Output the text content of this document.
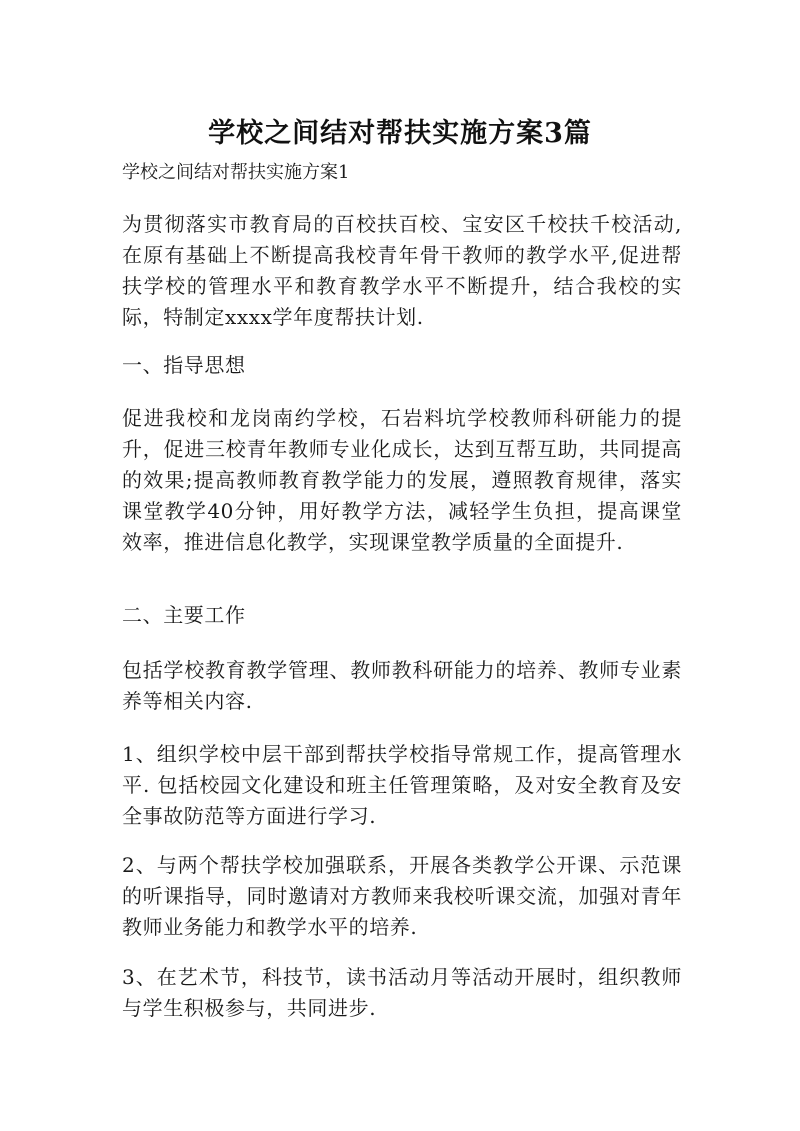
学校之间结对帮扶实施方案3篇

学校之间结对帮扶实施方案1

为贯彻落实市教育局的百校扶百校、宝安区千校扶千校活动,在原有基础上不断提高我校青年骨干教师的教学水平,促进帮扶学校的管理水平和教育教学水平不断提升，结合我校的实际，特制定xxxx学年度帮扶计划.

一、指导思想

促进我校和龙岗南约学校，石岩料坑学校教师科研能力的提升，促进三校青年教师专业化成长，达到互帮互助，共同提高的效果;提高教师教育教学能力的发展，遵照教育规律，落实课堂教学40分钟，用好教学方法，减轻学生负担，提高课堂效率，推进信息化教学，实现课堂教学质量的全面提升.

二、主要工作

包括学校教育教学管理、教师教科研能力的培养、教师专业素养等相关内容.

1、组织学校中层干部到帮扶学校指导常规工作，提高管理水平. 包括校园文化建设和班主任管理策略，及对安全教育及安全事故防范等方面进行学习.

2、与两个帮扶学校加强联系，开展各类教学公开课、示范课的听课指导，同时邀请对方教师来我校听课交流，加强对青年教师业务能力和教学水平的培养.

3、在艺术节，科技节，读书活动月等活动开展时，组织教师与学生积极参与，共同进步.
